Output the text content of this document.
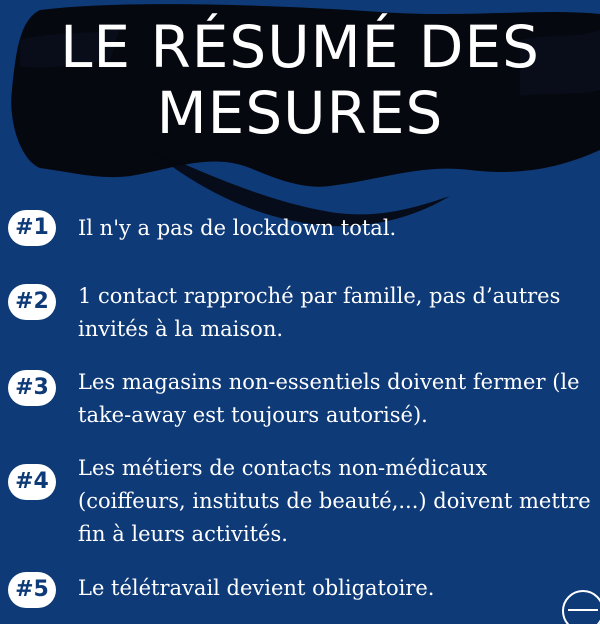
LE RÉSUMÉ DES
MESURES
#1	Il n'y a pas de lockdown total.
#2	1 contact rapproché par famille, pas d’autres invités à la maison.
#3	Les magasins non-essentiels doivent fermer (le take-away est toujours autorisé).
#4
Les métiers de contacts non-médicaux (coiffeurs, instituts de beauté,...) doivent mettre fin à leurs activités.
#5	Le télétravail devient obligatoire.
